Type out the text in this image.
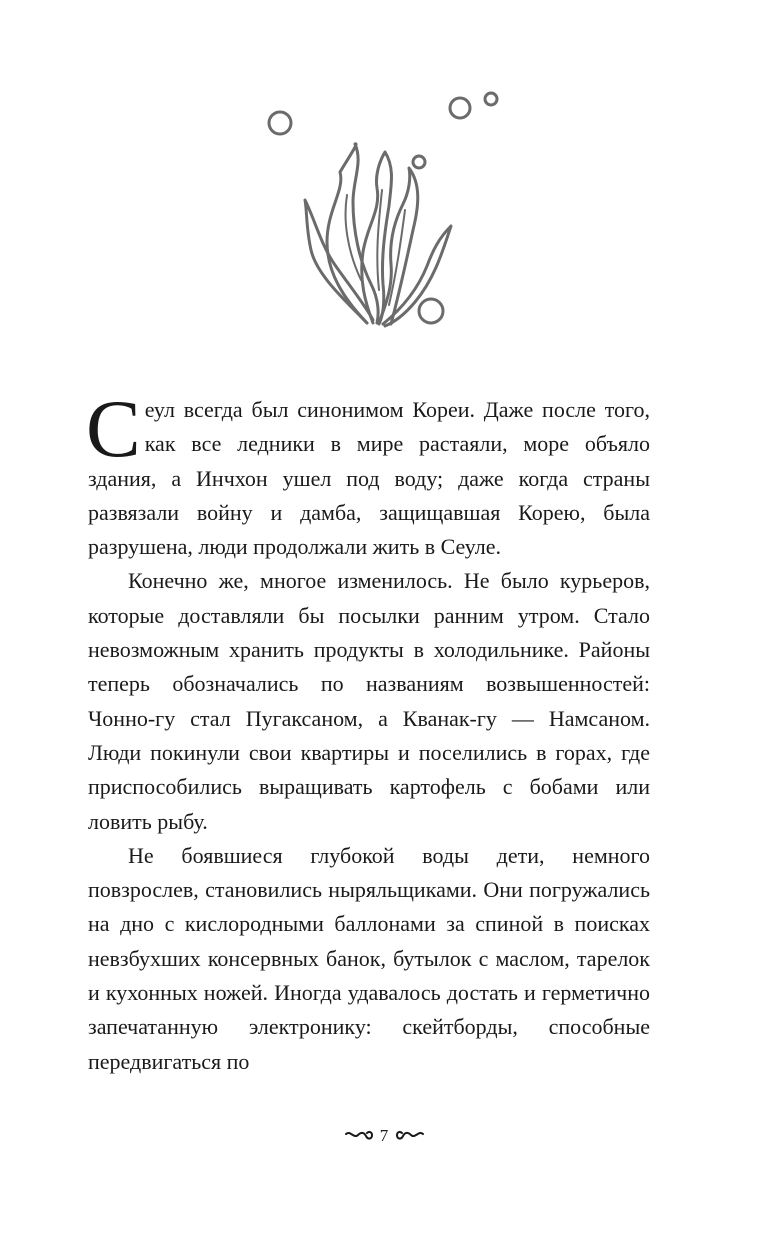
Сеул всегда был синонимом Кореи. Даже после того, как все ледники в мире растаяли, море объяло здания, а Инчхон ушел под воду; даже когда страны развязали войну и дамба, защищавшая Корею, была разрушена, люди продолжали жить в Сеуле.

Конечно же, многое изменилось. Не было курьеров, которые доставляли бы посылки ранним утром. Стало невозможным хранить продукты в холодильнике. Районы теперь обозначались по названиям возвышенностей: Чонно-гу стал Пугаксаном, а Кванак-гу — Намсаном. Люди покинули свои квартиры и поселились в горах, где приспособились выращивать картофель с бобами или ловить рыбу.

Не боявшиеся глубокой воды дети, немного повзрослев, становились ныряльщиками. Они погружались на дно с кислородными баллонами за спиной в поисках невзбухших консервных банок, бутылок с маслом, тарелок и кухонных ножей. Иногда удавалось достать и герметично запечатанную электронику: скейтборды, способные передвигаться по

7
